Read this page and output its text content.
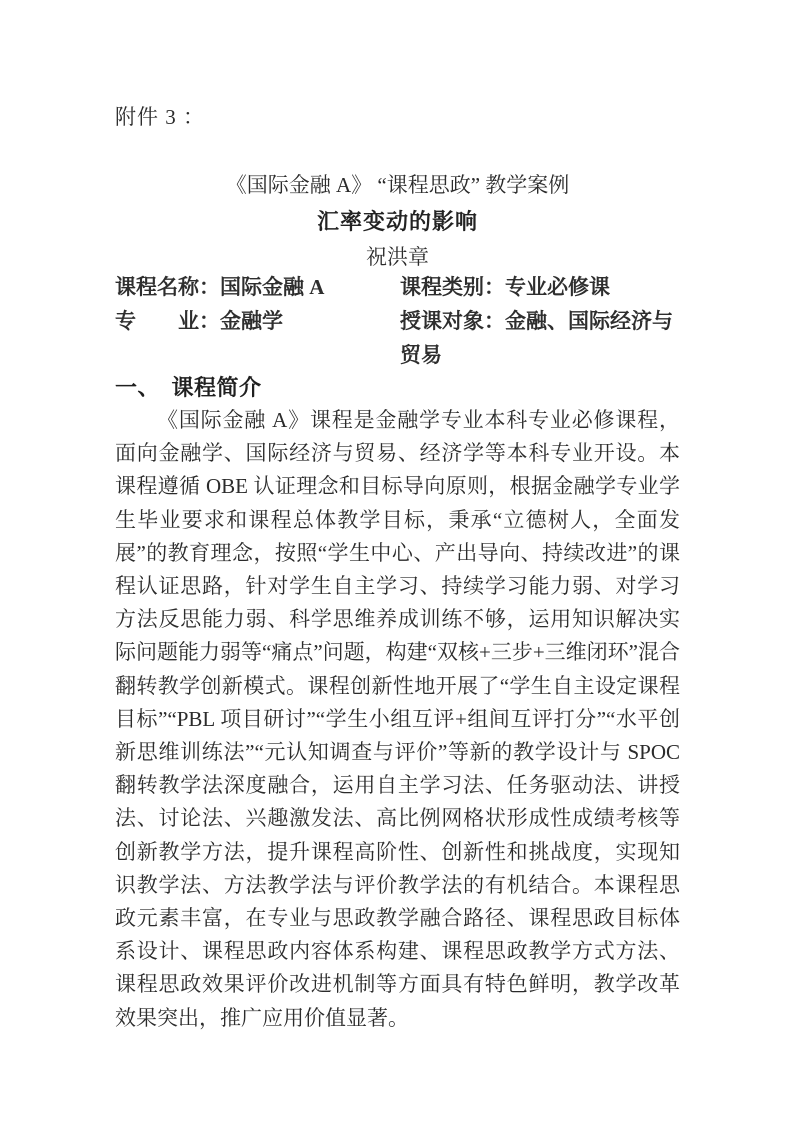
附件 3 ：
《国际金融 A》 “课程思政” 教学案例
汇率变动的影响
祝洪章
课程名称：国际金融 A	课程类别：专业必修课
专　　业：金融学	授课对象：金融、国际经济与贸易
一、　课程简介

《国际金融 A》课程是金融学专业本科专业必修课程，面向金融学、国际经济与贸易、经济学等本科专业开设。本课程遵循 OBE 认证理念和目标导向原则，根据金融学专业学生毕业要求和课程总体教学目标，秉承“立德树人，全面发展”的教育理念，按照“学生中心、产出导向、持续改进”的课程认证思路，针对学生自主学习、持续学习能力弱、对学习方法反思能力弱、科学思维养成训练不够，运用知识解决实际问题能力弱等“痛点”问题，构建“双核+三步+三维闭环”混合翻转教学创新模式。课程创新性地开展了“学生自主设定课程目标”“PBL 项目研讨”“学生小组互评+组间互评打分”“水平创新思维训练法”“元认知调查与评价”等新的教学设计与 SPOC 翻转教学法深度融合，运用自主学习法、任务驱动法、讲授法、讨论法、兴趣激发法、高比例网格状形成性成绩考核等创新教学方法，提升课程高阶性、创新性和挑战度，实现知识教学法、方法教学法与评价教学法的有机结合。本课程思政元素丰富，在专业与思政教学融合路径、课程思政目标体系设计、课程思政内容体系构建、课程思政教学方式方法、课程思政效果评价改进机制等方面具有特色鲜明，教学改革效果突出，推广应用价值显著。
